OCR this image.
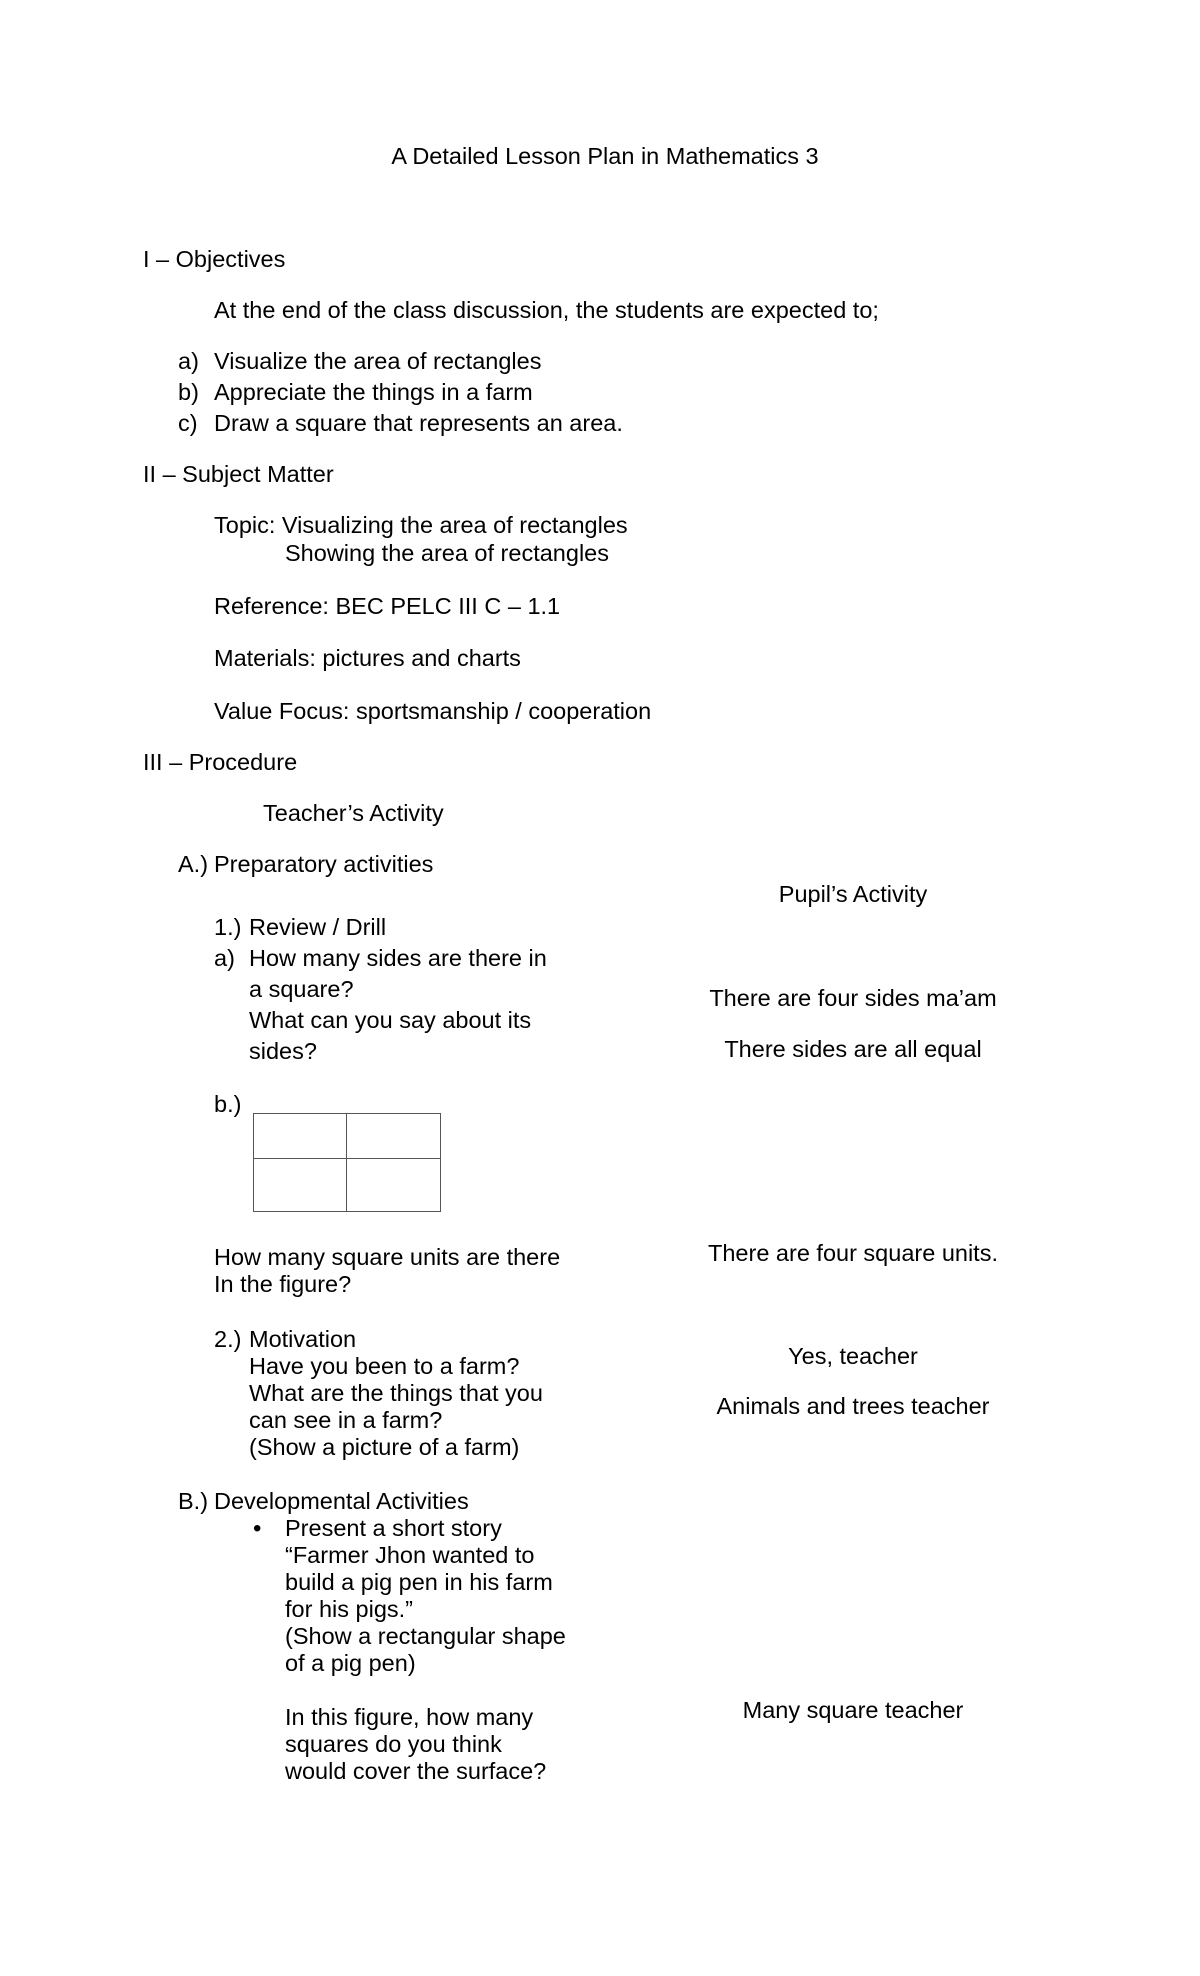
A Detailed Lesson Plan in Mathematics 3
I – Objectives
At the end of the class discussion, the students are expected to;
a) Visualize the area of rectangles
b) Appreciate the things in a farm
c) Draw a square that represents an area.
II – Subject Matter
Topic: Visualizing the area of rectangles
Showing the area of rectangles
Reference: BEC PELC III C – 1.1
Materials: pictures and charts
Value Focus: sportsmanship / cooperation
III – Procedure
Teacher’s Activity
Pupil’s Activity
A.) Preparatory activities
1.) Review / Drill
a) How many sides are there in
a square?
What can you say about its
sides?
There are four sides ma’am
There sides are all equal
b.)
How many square units are there
In the figure?
There are four square units.
2.) Motivation
Have you been to a farm?
What are the things that you
can see in a farm?
(Show a picture of a farm)
Yes, teacher
Animals and trees teacher
B.) Developmental Activities
• Present a short story
“Farmer Jhon wanted to
build a pig pen in his farm
for his pigs.”
(Show a rectangular shape
of a pig pen)
In this figure, how many
squares do you think
would cover the surface?
Many square teacher
